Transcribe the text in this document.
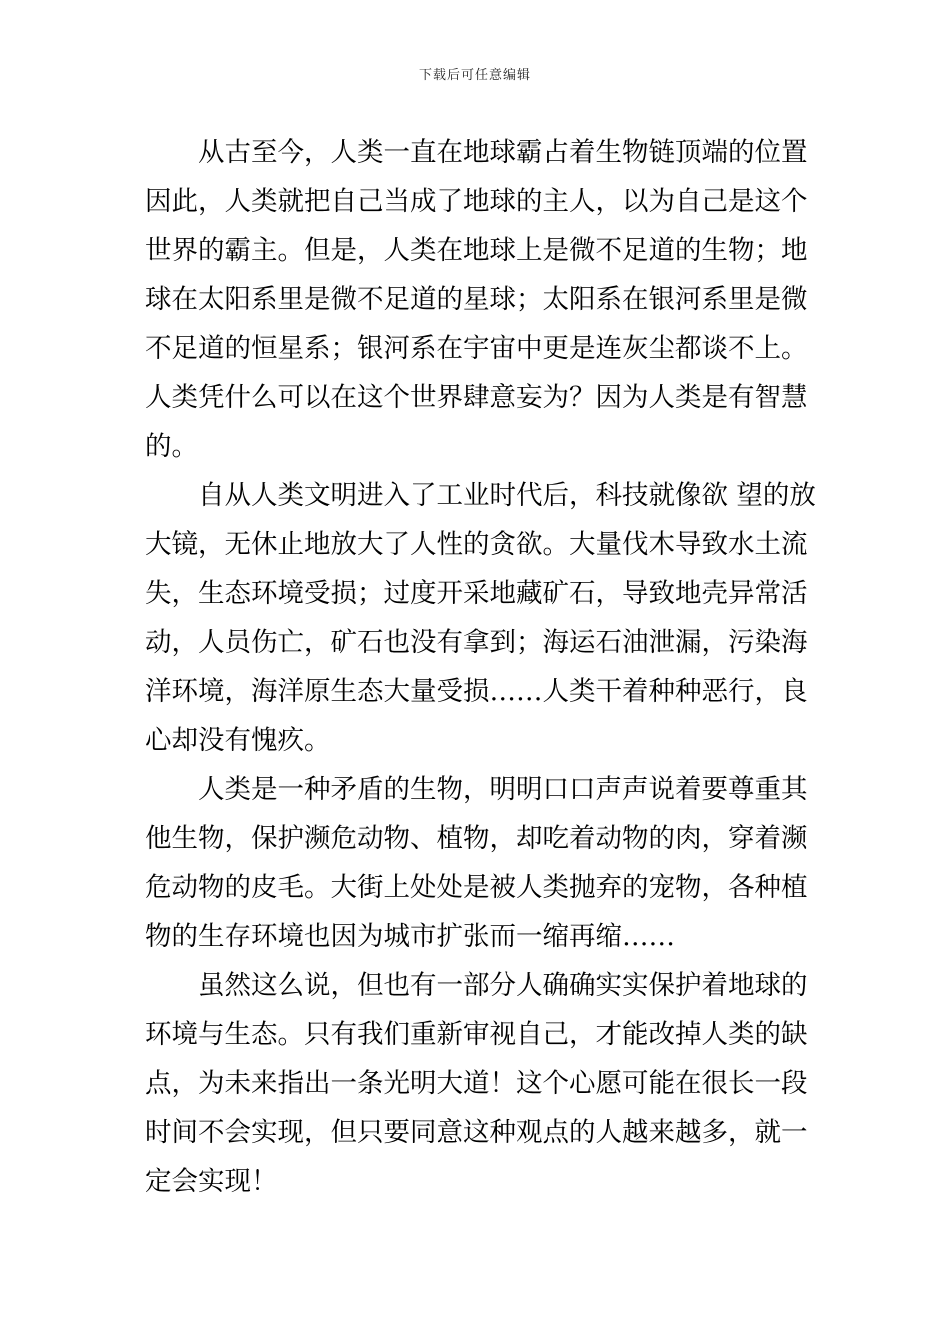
下载后可任意编辑
从古至今，人类一直在地球霸占着生物链顶端的位置
因此，人类就把自己当成了地球的主人，以为自己是这个
世界的霸主。但是，人类在地球上是微不足道的生物；地
球在太阳系里是微不足道的星球；太阳系在银河系里是微
不足道的恒星系；银河系在宇宙中更是连灰尘都谈不上。
人类凭什么可以在这个世界肆意妄为？因为人类是有智慧
的。
自从人类文明进入了工业时代后，科技就像欲 望的放
大镜，无休止地放大了人性的贪欲。大量伐木导致水土流
失，生态环境受损；过度开采地藏矿石，导致地壳异常活
动，人员伤亡，矿石也没有拿到；海运石油泄漏，污染海
洋环境，海洋原生态大量受损……人类干着种种恶行，良
心却没有愧疚。
人类是一种矛盾的生物，明明口口声声说着要尊重其
他生物，保护濒危动物、植物，却吃着动物的肉，穿着濒
危动物的皮毛。大街上处处是被人类抛弃的宠物，各种植
物的生存环境也因为城市扩张而一缩再缩……
虽然这么说，但也有一部分人确确实实保护着地球的
环境与生态。只有我们重新审视自己，才能改掉人类的缺
点，为未来指出一条光明大道！这个心愿可能在很长一段
时间不会实现，但只要同意这种观点的人越来越多，就一
定会实现！
